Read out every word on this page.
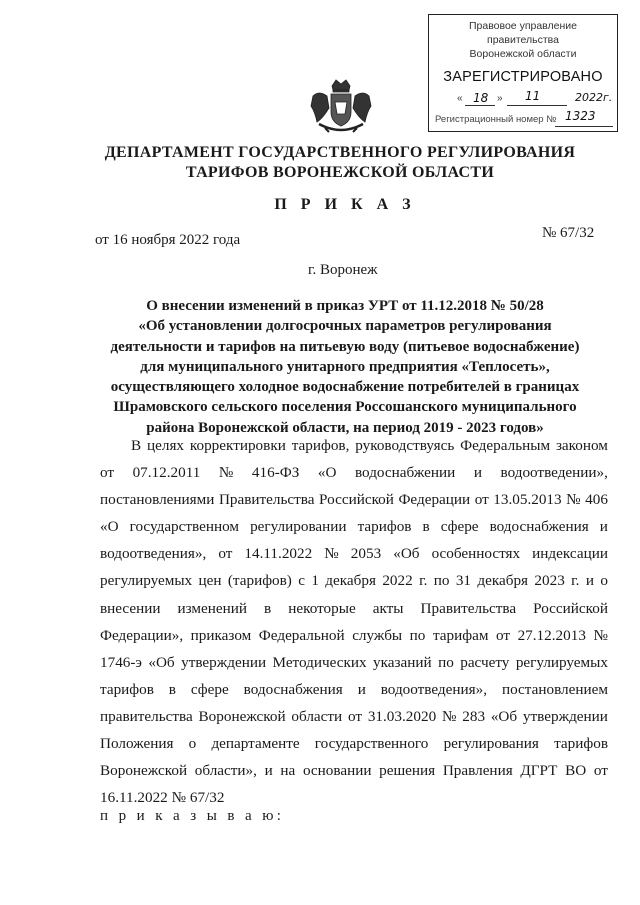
Правовое управление правительства
Воронежской области
ЗАРЕГИСТРИРОВАНО
« 18 » 11	2022г.
Регистрационный номер № 1323
ДЕПАРТАМЕНТ ГОСУДАРСТВЕННОГО РЕГУЛИРОВАНИЯ
ТАРИФОВ ВОРОНЕЖСКОЙ ОБЛАСТИ
П Р И К А З
от 16 ноября 2022 года	№ 67/32
г. Воронеж
О внесении изменений в приказ УРТ от 11.12.2018 № 50/28
«Об установлении долгосрочных параметров регулирования
деятельности и тарифов на питьевую воду (питьевое водоснабжение)
для муниципального унитарного предприятия «Теплосеть»,
осуществляющего холодное водоснабжение потребителей в границах
Шрамовского сельского поселения Россошанского муниципального
района Воронежской области, на период 2019 - 2023 годов»
В целях корректировки тарифов, руководствуясь Федеральным законом
от 07.12.2011 № 416-ФЗ «О водоснабжении и водоотведении»,
постановлениями Правительства Российской Федерации от 13.05.2013 № 406
«О государственном регулировании тарифов в сфере водоснабжения и
водоотведения», от 14.11.2022 № 2053 «Об особенностях индексации
регулируемых цен (тарифов) с 1 декабря 2022 г. по 31 декабря 2023 г. и о
внесении изменений в некоторые акты Правительства Российской
Федерации», приказом Федеральной службы по тарифам от 27.12.2013 №
1746-э «Об утверждении Методических указаний по расчету регулируемых
тарифов в сфере водоснабжения и водоотведения», постановлением
правительства Воронежской области от 31.03.2020 № 283 «Об утверждении
Положения о департаменте государственного регулирования тарифов
Воронежской области», и на основании решения Правления ДГРТ ВО от
16.11.2022 № 67/32
п р и к а з ы в а ю:
